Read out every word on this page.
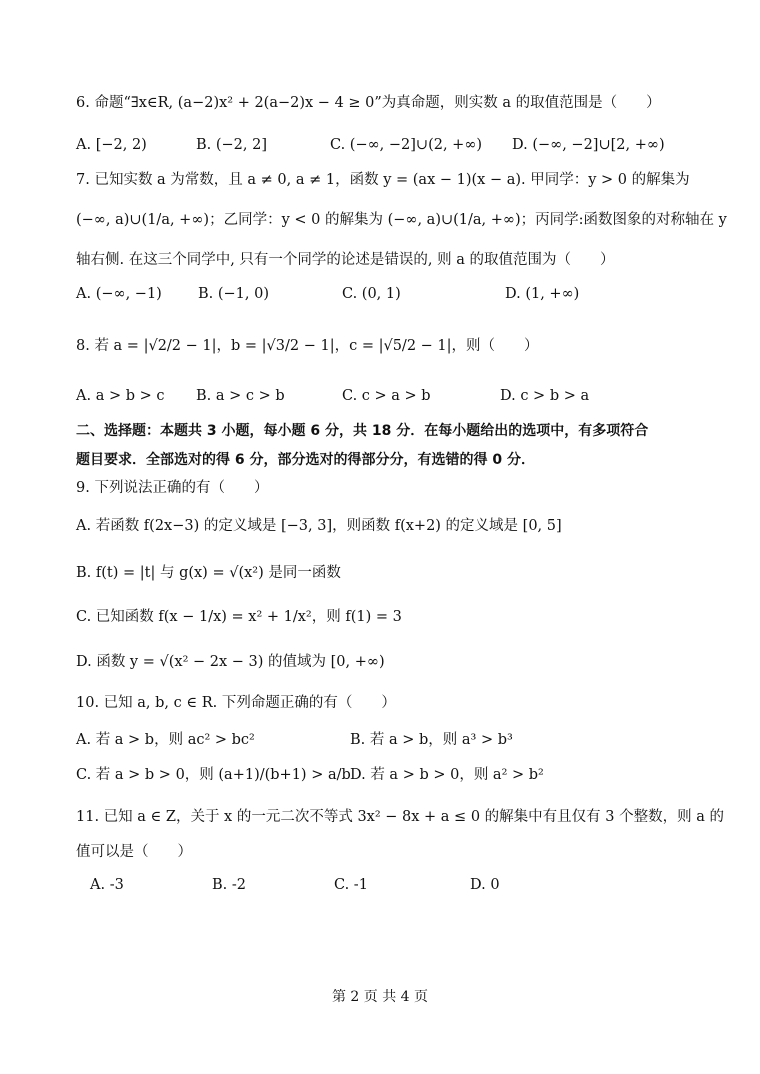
6. 命题“∃x∈R, (a−2)x² + 2(a−2)x − 4 ≥ 0”为真命题，则实数 a 的取值范围是（　　）
A. [−2, 2)	B. (−2, 2]	C. (−∞, −2]∪(2, +∞) D. (−∞, −2]∪[2, +∞)
7. 已知实数 a 为常数，且 a ≠ 0, a ≠ 1，函数 y = (ax − 1)(x − a). 甲同学：y > 0 的解集为
(−∞, a)∪(1/a, +∞)；乙同学：y < 0 的解集为 (−∞, a)∪(1/a, +∞)；丙同学:函数图象的对称轴在 y
轴右侧. 在这三个同学中, 只有一个同学的论述是错误的, 则 a 的取值范围为（　　）
A. (−∞, −1) B. (−1, 0)	C. (0, 1)	D. (1, +∞)
8. 若 a = |√2/2 − 1|，b = |√3/2 − 1|，c = |√5/2 − 1|，则（　　）
A. a > b > c B. a > c > b	C. c > a > b	D. c > b > a
二、选择题：本题共 3 小题，每小题 6 分，共 18 分．在每小题给出的选项中，有多项符合
题目要求．全部选对的得 6 分，部分选对的得部分分，有选错的得 0 分．
9. 下列说法正确的有（　　）
A. 若函数 f(2x−3) 的定义域是 [−3, 3]，则函数 f(x+2) 的定义域是 [0, 5]
B. f(t) = |t| 与 g(x) = √(x²) 是同一函数
C. 已知函数 f(x − 1/x) = x² + 1/x²，则 f(1) = 3
D. 函数 y = √(x² − 2x − 3) 的值域为 [0, +∞)
10. 已知 a, b, c ∈ R. 下列命题正确的有（　　）
A. 若 a > b，则 ac² > bc²	B. 若 a > b，则 a³ > b³
C. 若 a > b > 0，则 (a+1)/(b+1) > a/b D. 若 a > b > 0，则 a² > b²
11. 已知 a ∈ Z，关于 x 的一元二次不等式 3x² − 8x + a ≤ 0 的解集中有且仅有 3 个整数，则 a 的
值可以是（　　）
A. -3	B. -2	C. -1	D. 0
第 2 页 共 4 页
